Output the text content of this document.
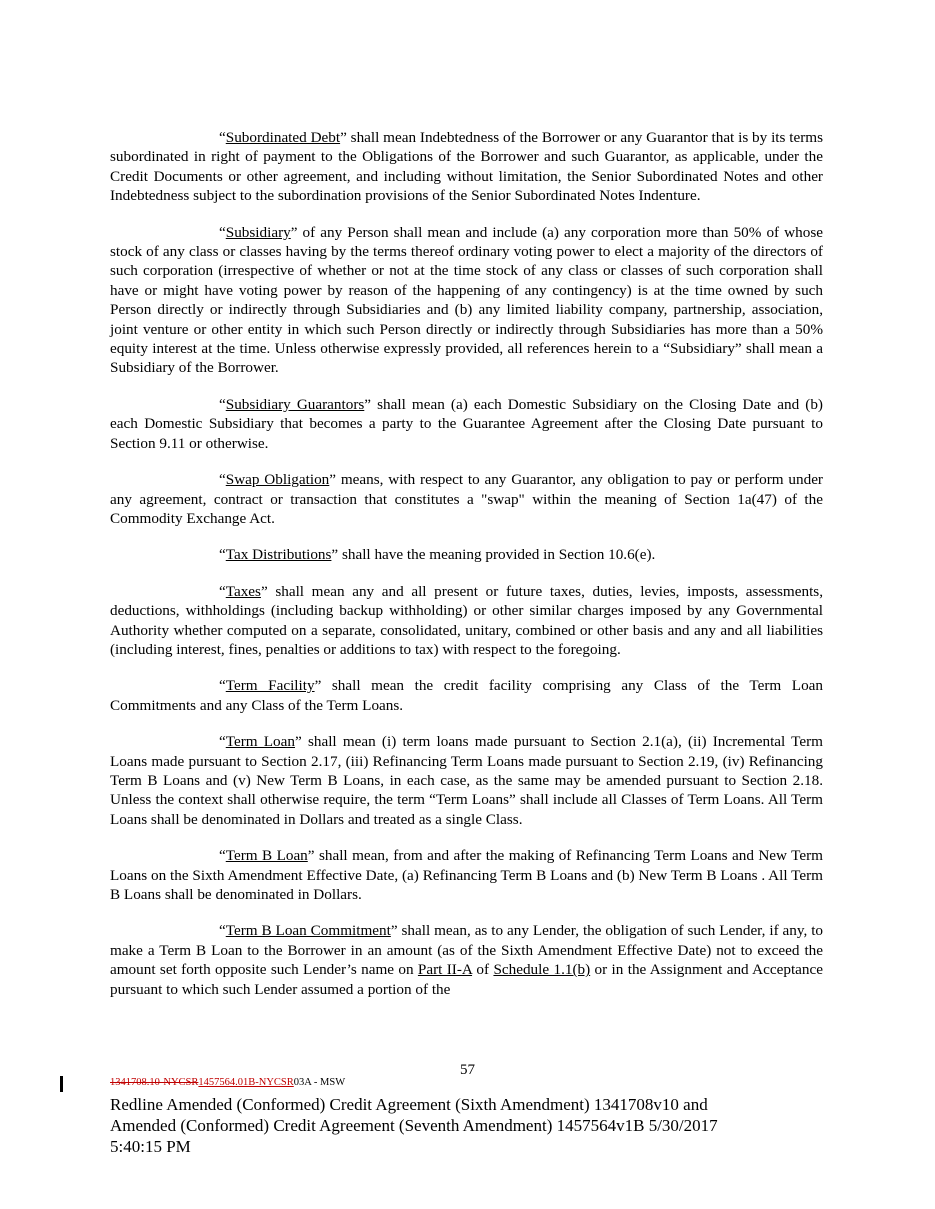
“Subordinated Debt” shall mean Indebtedness of the Borrower or any Guarantor that is by its terms subordinated in right of payment to the Obligations of the Borrower and such Guarantor, as applicable, under the Credit Documents or other agreement, and including without limitation, the Senior Subordinated Notes and other Indebtedness subject to the subordination provisions of the Senior Subordinated Notes Indenture.

“Subsidiary” of any Person shall mean and include (a) any corporation more than 50% of whose stock of any class or classes having by the terms thereof ordinary voting power to elect a majority of the directors of such corporation (irrespective of whether or not at the time stock of any class or classes of such corporation shall have or might have voting power by reason of the happening of any contingency) is at the time owned by such Person directly or indirectly through Subsidiaries and (b) any limited liability company, partnership, association, joint venture or other entity in which such Person directly or indirectly through Subsidiaries has more than a 50% equity interest at the time. Unless otherwise expressly provided, all references herein to a “Subsidiary” shall mean a Subsidiary of the Borrower.

“Subsidiary Guarantors” shall mean (a) each Domestic Subsidiary on the Closing Date and (b) each Domestic Subsidiary that becomes a party to the Guarantee Agreement after the Closing Date pursuant to Section 9.11 or otherwise.

“Swap Obligation” means, with respect to any Guarantor, any obligation to pay or perform under any agreement, contract or transaction that constitutes a "swap" within the meaning of Section 1a(47) of the Commodity Exchange Act.

“Tax Distributions” shall have the meaning provided in Section 10.6(e).

“Taxes” shall mean any and all present or future taxes, duties, levies, imposts, assessments, deductions, withholdings (including backup withholding) or other similar charges imposed by any Governmental Authority whether computed on a separate, consolidated, unitary, combined or other basis and any and all liabilities (including interest, fines, penalties or additions to tax) with respect to the foregoing.

“Term Facility” shall mean the credit facility comprising any Class of the Term Loan Commitments and any Class of the Term Loans.

“Term Loan” shall mean (i) term loans made pursuant to Section 2.1(a), (ii) Incremental Term Loans made pursuant to Section 2.17, (iii) Refinancing Term Loans made pursuant to Section 2.19, (iv) Refinancing Term B Loans and (v) New Term B Loans, in each case, as the same may be amended pursuant to Section 2.18. Unless the context shall otherwise require, the term “Term Loans” shall include all Classes of Term Loans. All Term Loans shall be denominated in Dollars and treated as a single Class.

“Term B Loan” shall mean, from and after the making of Refinancing Term Loans and New Term Loans on the Sixth Amendment Effective Date, (a) Refinancing Term B Loans and (b) New Term B Loans . All Term B Loans shall be denominated in Dollars.

“Term B Loan Commitment” shall mean, as to any Lender, the obligation of such Lender, if any, to make a Term B Loan to the Borrower in an amount (as of the Sixth Amendment Effective Date) not to exceed the amount set forth opposite such Lender’s name on Part II-A of Schedule 1.1(b) or in the Assignment and Acceptance pursuant to which such Lender assumed a portion of the

57
1341708.10-NYCSR1457564.01B-NYCSR03A - MSW
Redline Amended (Conformed) Credit Agreement (Sixth Amendment) 1341708v10 and
Amended (Conformed) Credit Agreement (Seventh Amendment) 1457564v1B 5/30/2017
5:40:15 PM
